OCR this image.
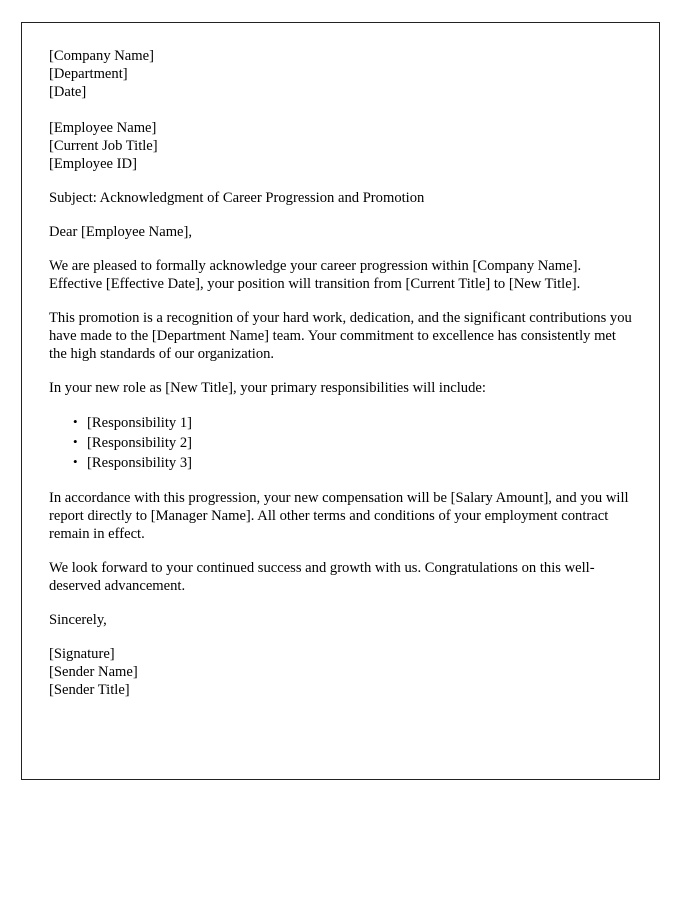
[Company Name]
[Department]
[Date]
[Employee Name]
[Current Job Title]
[Employee ID]

Subject: Acknowledgment of Career Progression and Promotion

Dear [Employee Name],

We are pleased to formally acknowledge your career progression within [Company Name]. Effective [Effective Date], your position will transition from [Current Title] to [New Title].

This promotion is a recognition of your hard work, dedication, and the significant contributions you have made to the [Department Name] team. Your commitment to excellence has consistently met the high standards of our organization.

In your new role as [New Title], your primary responsibilities will include:

• [Responsibility 1]
• [Responsibility 2]
• [Responsibility 3]

In accordance with this progression, your new compensation will be [Salary Amount], and you will report directly to [Manager Name]. All other terms and conditions of your employment contract remain in effect.

We look forward to your continued success and growth with us. Congratulations on this well-deserved advancement.

Sincerely,

[Signature]
[Sender Name]
[Sender Title]
